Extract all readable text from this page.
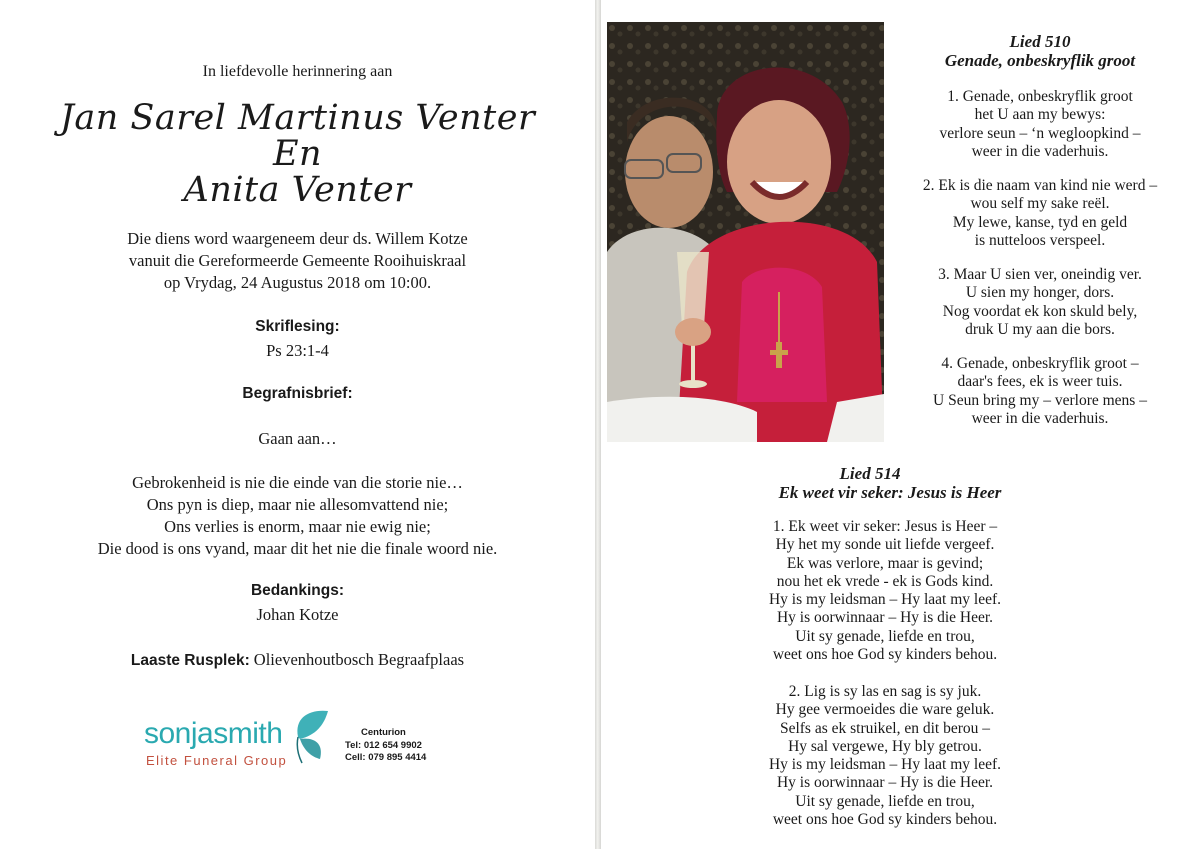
In liefdevolle herinnering aan
Jan Sarel Martinus Venter
En
Anita Venter
Die diens word waargeneem deur ds. Willem Kotze
vanuit die Gereformeerde Gemeente Rooihuiskraal
op Vrydag, 24 Augustus 2018 om 10:00.
Skriflesing:
Ps 23:1-4
Begrafnisbrief:
Gaan aan…
Gebrokenheid is nie die einde van die storie nie…
Ons pyn is diep, maar nie allesomvattend nie;
Ons verlies is enorm, maar nie ewig nie;
Die dood is ons vyand, maar dit het nie die finale woord nie.
Bedankings:
Johan Kotze
Laaste Rusplek: Olievenhoutbosch Begraafplaas
sonjasmith
Elite Funeral Group
Centurion
Tel: 012 654 9902
Cell: 079 895 4414
Lied 510
Genade, onbeskryflik groot
1. Genade, onbeskryflik groot
het U aan my bewys:
verlore seun – ‘n wegloopkind –
weer in die vaderhuis.
2. Ek is die naam van kind nie werd –
wou self my sake reël.
My lewe, kanse, tyd en geld
is nutteloos verspeel.
3. Maar U sien ver, oneindig ver.
U sien my honger, dors.
Nog voordat ek kon skuld bely,
druk U my aan die bors.
4. Genade, onbeskryflik groot –
daar's fees, ek is weer tuis.
U Seun bring my – verlore mens –
weer in die vaderhuis.
Lied 514
Ek weet vir seker: Jesus is Heer
1. Ek weet vir seker: Jesus is Heer –
Hy het my sonde uit liefde vergeef.
Ek was verlore, maar is gevind;
nou het ek vrede - ek is Gods kind.
Hy is my leidsman – Hy laat my leef.
Hy is oorwinnaar – Hy is die Heer.
Uit sy genade, liefde en trou,
weet ons hoe God sy kinders behou.
2. Lig is sy las en sag is sy juk.
Hy gee vermoeides die ware geluk.
Selfs as ek struikel, en dit berou –
Hy sal vergewe, Hy bly getrou.
Hy is my leidsman – Hy laat my leef.
Hy is oorwinnaar – Hy is die Heer.
Uit sy genade, liefde en trou,
weet ons hoe God sy kinders behou.
